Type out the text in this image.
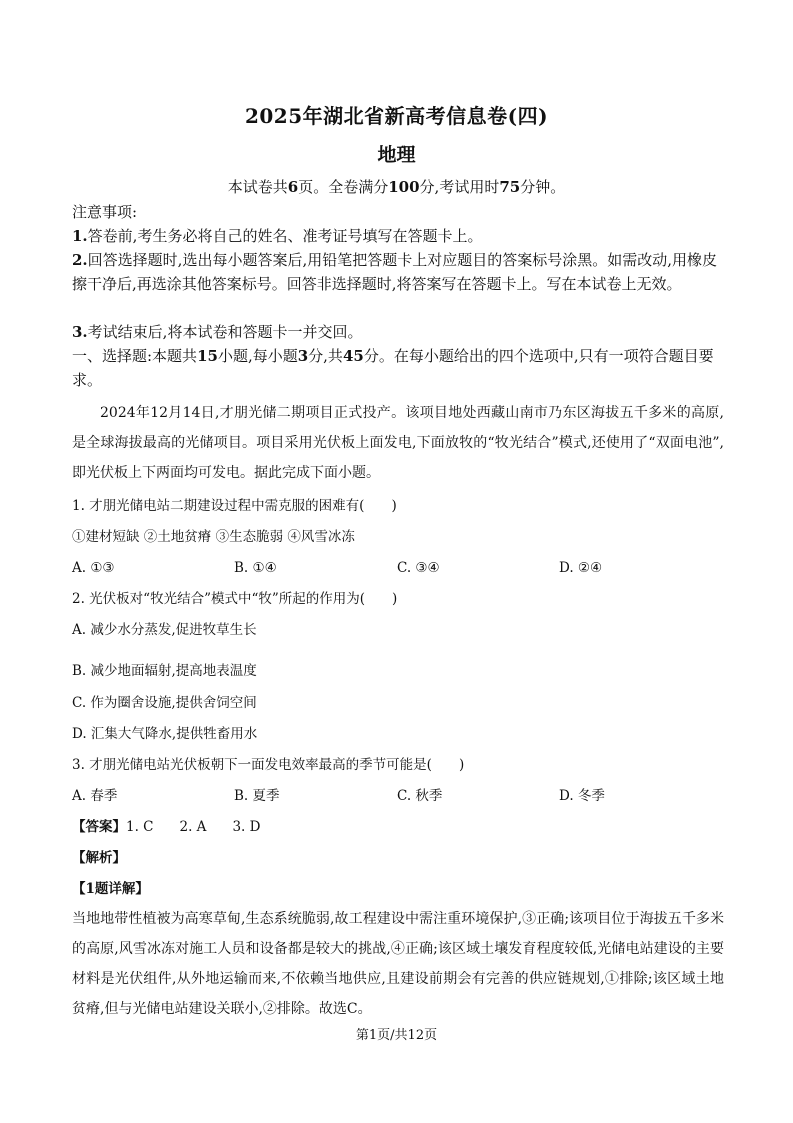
2025年湖北省新高考信息卷(四)
地理
本试卷共6页。全卷满分100分,考试用时75分钟。
注意事项:
1.答卷前,考生务必将自己的姓名、准考证号填写在答题卡上。
2.回答选择题时,选出每小题答案后,用铅笔把答题卡上对应题目的答案标号涂黑。如需改动,用橡皮擦干净后,再选涂其他答案标号。回答非选择题时,将答案写在答题卡上。写在本试卷上无效。
3.考试结束后,将本试卷和答题卡一并交回。
一、选择题:本题共15小题,每小题3分,共45分。在每小题给出的四个选项中,只有一项符合题目要求。
2024年12月14日,才朋光储二期项目正式投产。该项目地处西藏山南市乃东区海拔五千多米的高原,是全球海拔最高的光储项目。项目采用光伏板上面发电,下面放牧的“牧光结合”模式,还使用了“双面电池”,即光伏板上下两面均可发电。据此完成下面小题。
1. 才朋光储电站二期建设过程中需克服的困难有(　　)
①建材短缺 ②土地贫瘠 ③生态脆弱 ④风雪冰冻
A. ①③	B. ①④	C. ③④	D. ②④
2. 光伏板对“牧光结合”模式中“牧”所起的作用为(　　)
A. 减少水分蒸发,促进牧草生长
B. 减少地面辐射,提高地表温度
C. 作为圈舍设施,提供舍饲空间
D. 汇集大气降水,提供牲畜用水
3. 才朋光储电站光伏板朝下一面发电效率最高的季节可能是(　　)
A. 春季	B. 夏季	C. 秋季	D. 冬季
【答案】1. C 2. A 3. D
【解析】
【1题详解】
当地地带性植被为高寒草甸,生态系统脆弱,故工程建设中需注重环境保护,③正确;该项目位于海拔五千多米的高原,风雪冰冻对施工人员和设备都是较大的挑战,④正确;该区域土壤发育程度较低,光储电站建设的主要材料是光伏组件,从外地运输而来,不依赖当地供应,且建设前期会有完善的供应链规划,①排除;该区域土地贫瘠,但与光储电站建设关联小,②排除。故选C。
第1页/共12页
